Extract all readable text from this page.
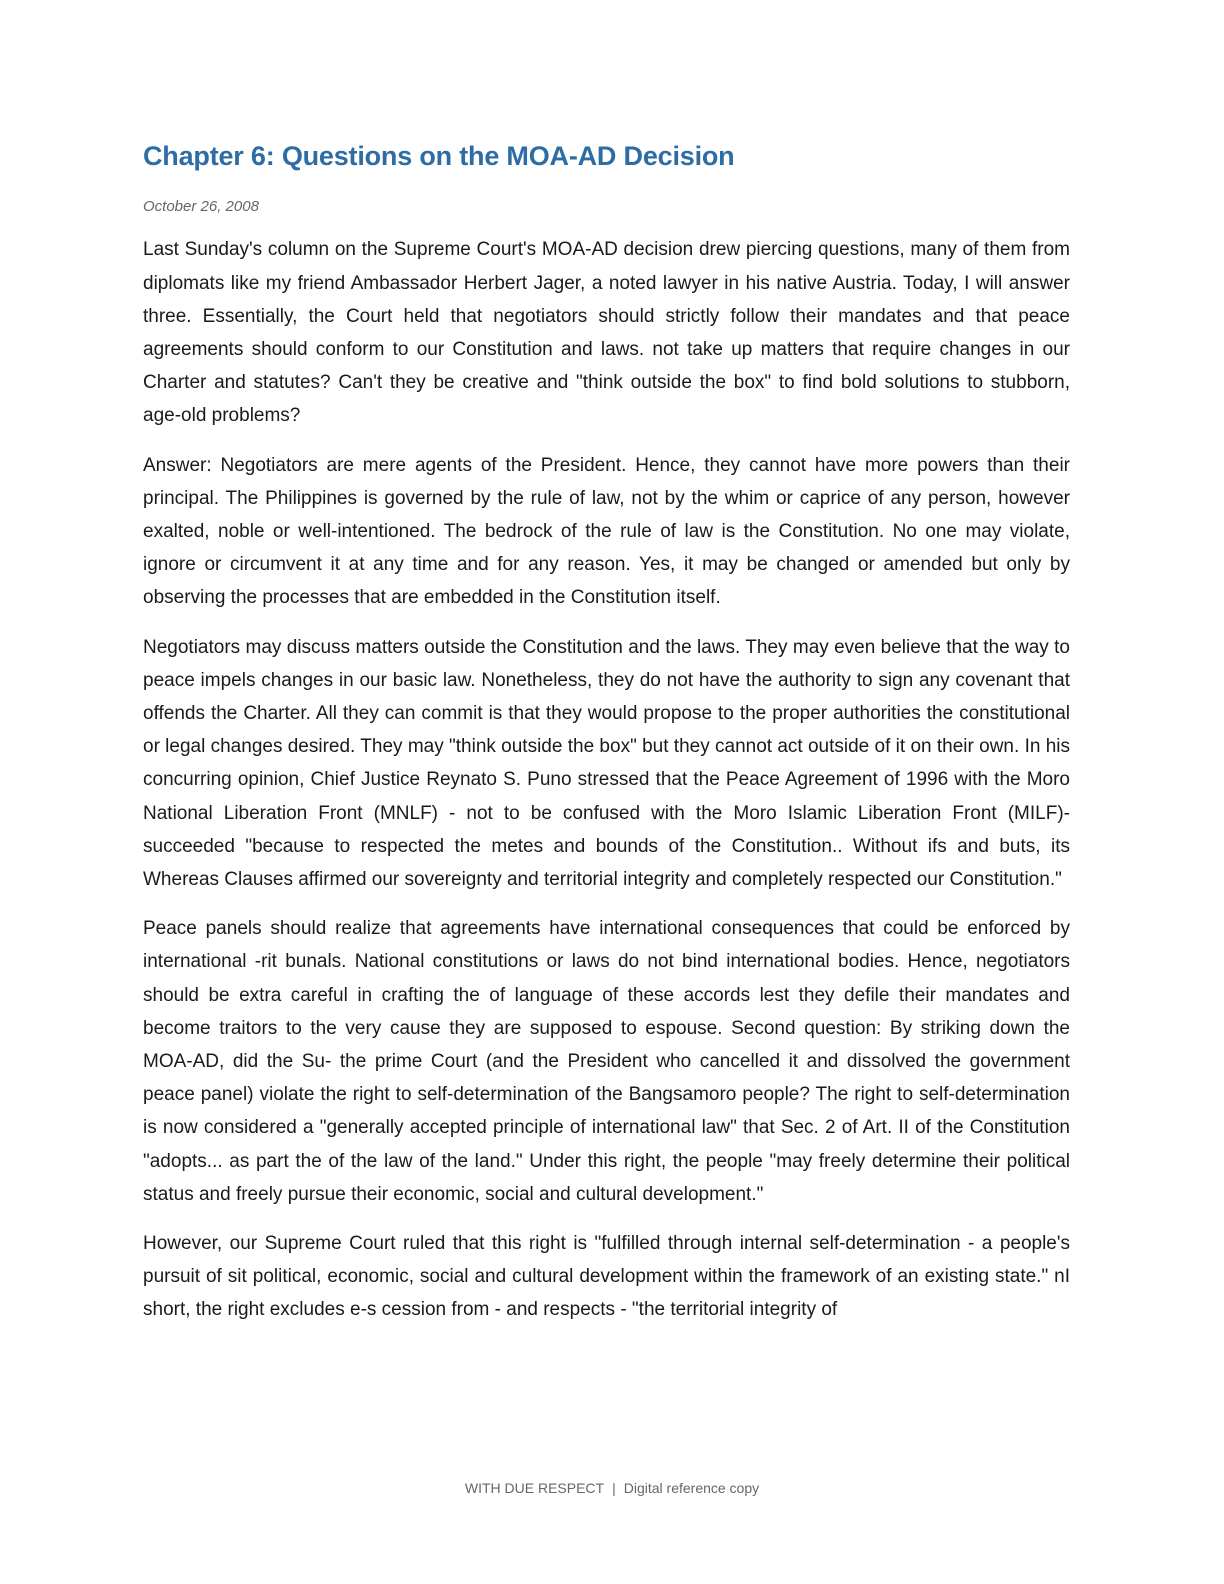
Chapter 6: Questions on the MOA-AD Decision
October 26, 2008

Last Sunday's column on the Supreme Court's MOA-AD decision drew piercing questions, many of them from diplomats like my friend Ambassador Herbert Jager, a noted lawyer in his native Austria. Today, I will answer three. Essentially, the Court held that negotiators should strictly follow their mandates and that peace agreements should conform to our Constitution and laws. not take up matters that require changes in our Charter and statutes? Can't they be creative and "think outside the box" to find bold solutions to stubborn, age-old problems?

Answer: Negotiators are mere agents of the President. Hence, they cannot have more powers than their principal. The Philippines is governed by the rule of law, not by the whim or caprice of any person, however exalted, noble or well-intentioned. The bedrock of the rule of law is the Constitution. No one may violate, ignore or circumvent it at any time and for any reason. Yes, it may be changed or amended but only by observing the processes that are embedded in the Constitution itself.

Negotiators may discuss matters outside the Constitution and the laws. They may even believe that the way to peace impels changes in our basic law. Nonetheless, they do not have the authority to sign any covenant that offends the Charter. All they can commit is that they would propose to the proper authorities the constitutional or legal changes desired. They may "think outside the box" but they cannot act outside of it on their own. In his concurring opinion, Chief Justice Reynato S. Puno stressed that the Peace Agreement of 1996 with the Moro National Liberation Front (MNLF) - not to be confused with the Moro Islamic Liberation Front (MILF)-succeeded "because to respected the metes and bounds of the Constitution.. Without ifs and buts, its Whereas Clauses affirmed our sovereignty and territorial integrity and completely respected our Constitution."

Peace panels should realize that agreements have international consequences that could be enforced by international -rit bunals. National constitutions or laws do not bind international bodies. Hence, negotiators should be extra careful in crafting the of language of these accords lest they defile their mandates and become traitors to the very cause they are supposed to espouse. Second question: By striking down the MOA-AD, did the Su- the prime Court (and the President who cancelled it and dissolved the government peace panel) violate the right to self-determination of the Bangsamoro people? The right to self-determination is now considered a "generally accepted principle of international law" that Sec. 2 of Art. II of the Constitution "adopts... as part the of the law of the land." Under this right, the people "may freely determine their political status and freely pursue their economic, social and cultural development."

However, our Supreme Court ruled that this right is "fulfilled through internal self-determination - a people's pursuit of sit political, economic, social and cultural development within the framework of an existing state." nI short, the right excludes e-s cession from - and respects - "the territorial integrity of

WITH DUE RESPECT | Digital reference copy
